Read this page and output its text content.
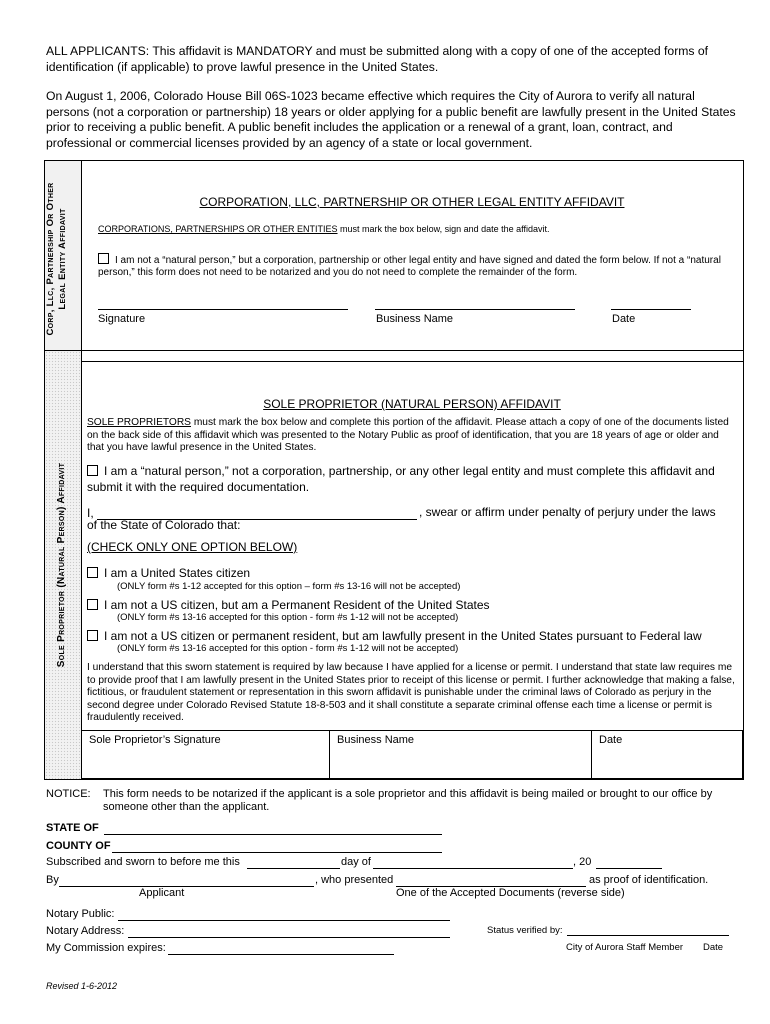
ALL APPLICANTS: This affidavit is MANDATORY and must be submitted along with a copy of one of the accepted forms of identification (if applicable) to prove lawful presence in the United States.

On August 1, 2006, Colorado House Bill 06S-1023 became effective which requires the City of Aurora to verify all natural persons (not a corporation or partnership) 18 years or older applying for a public benefit are lawfully present in the United States prior to receiving a public benefit. A public benefit includes the application or a renewal of a grant, loan, contract, and professional or commercial licenses provided by an agency of a state or local government.

Corp, Llc, Partnership Or Other Legal Entity Affidavit
CORPORATION, LLC, PARTNERSHIP OR OTHER LEGAL ENTITY AFFIDAVIT
CORPORATIONS, PARTNERSHIPS OR OTHER ENTITIES must mark the box below, sign and date the affidavit.
I am not a “natural person,” but a corporation, partnership or other legal entity and have signed and dated the form below. If not a “natural person,” this form does not need to be notarized and you do not need to complete the remainder of the form.
Signature	Business Name	Date
Sole Proprietor (Natural Person) Affidavit
SOLE PROPRIETOR (NATURAL PERSON) AFFIDAVIT
SOLE PROPRIETORS must mark the box below and complete this portion of the affidavit. Please attach a copy of one of the documents listed on the back side of this affidavit which was presented to the Notary Public as proof of identification, that you are 18 years of age or older and that you have lawful presence in the United States.
I am a “natural person,” not a corporation, partnership, or any other legal entity and must complete this affidavit and submit it with the required documentation.
I,	, swear or affirm under penalty of perjury under the laws
of the State of Colorado that:
(CHECK ONLY ONE OPTION BELOW)
I am a United States citizen
(ONLY form #s 1-12 accepted for this option – form #s 13-16 will not be accepted)
I am not a US citizen, but am a Permanent Resident of the United States
(ONLY form #s 13-16 accepted for this option - form #s 1-12 will not be accepted)
I am not a US citizen or permanent resident, but am lawfully present in the United States pursuant to Federal law
(ONLY form #s 13-16 accepted for this option - form #s 1-12 will not be accepted)
I understand that this sworn statement is required by law because I have applied for a license or permit. I understand that state law requires me to provide proof that I am lawfully present in the United States prior to receipt of this license or permit. I further acknowledge that making a false, fictitious, or fraudulent statement or representation in this sworn affidavit is punishable under the criminal laws of Colorado as perjury in the second degree under Colorado Revised Statute 18-8-503 and it shall constitute a separate criminal offense each time a license or permit is fraudulently received.
Sole Proprietor’s Signature	Business Name	Date
NOTICE:	This form needs to be notarized if the applicant is a sole proprietor and this affidavit is being mailed or brought to our office by someone other than the applicant.
STATE OF
COUNTY OF
Subscribed and sworn to before me this	day of	, 20
By	, who presented	as proof of identification.
Applicant	One of the Accepted Documents (reverse side)
Notary Public:
Notary Address:
My Commission expires:
Status verified by:
City of Aurora Staff Member Date
Revised 1-6-2012
